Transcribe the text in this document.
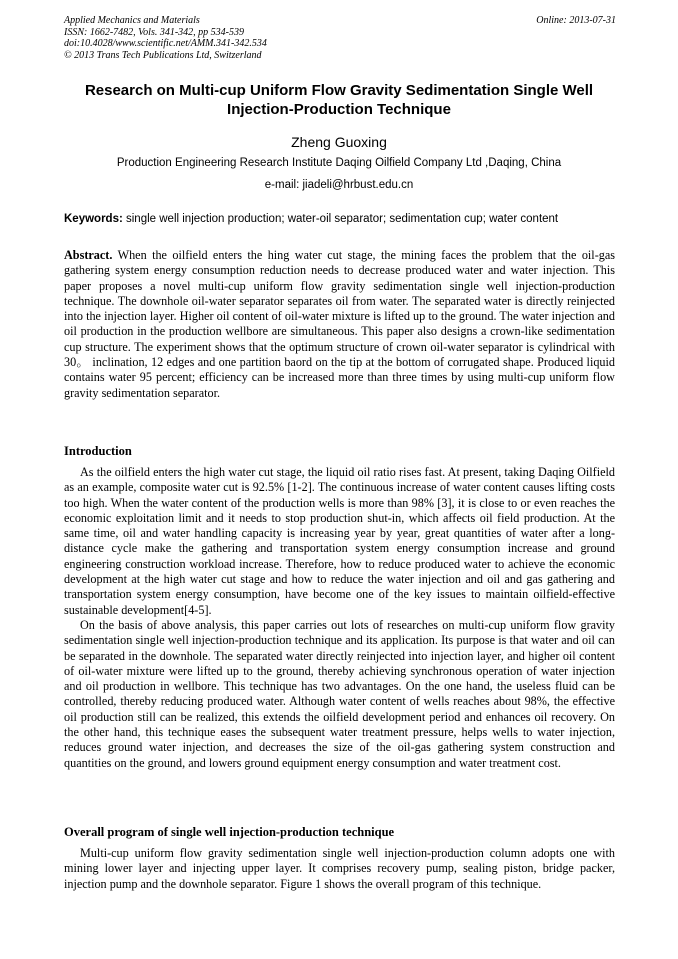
Applied Mechanics and Materials
ISSN: 1662-7482, Vols. 341-342, pp 534-539
doi:10.4028/www.scientific.net/AMM.341-342.534
© 2013 Trans Tech Publications Ltd, Switzerland
Online: 2013-07-31
Research on Multi-cup Uniform Flow Gravity Sedimentation Single Well
Injection-Production Technique
Zheng Guoxing
Production Engineering Research Institute Daqing Oilfield Company Ltd ,Daqing, China
e-mail: jiadeli@hrbust.edu.cn
Keywords: single well injection production; water-oil separator; sedimentation cup; water content

Abstract. When the oilfield enters the hing water cut stage, the mining faces the problem that the oil-gas gathering system energy consumption reduction needs to decrease produced water and water injection. This paper proposes a novel multi-cup uniform flow gravity sedimentation single well injection-production technique. The downhole oil-water separator separates oil from water. The separated water is directly reinjected into the injection layer. Higher oil content of oil-water mixture is lifted up to the ground. The water injection and oil production in the production wellbore are simultaneous. This paper also designs a crown-like sedimentation cup structure. The experiment shows that the optimum structure of crown oil-water separator is cylindrical with 30。 inclination, 12 edges and one partition baord on the tip at the bottom of corrugated shape. Produced liquid contains water 95 percent; efficiency can be increased more than three times by using multi-cup uniform flow gravity sedimentation separator.

Introduction

As the oilfield enters the high water cut stage, the liquid oil ratio rises fast. At present, taking Daqing Oilfield as an example, composite water cut is 92.5% [1-2]. The continuous increase of water content causes lifting costs too high. When the water content of the production wells is more than 98% [3], it is close to or even reaches the economic exploitation limit and it needs to stop production shut-in, which affects oil field production. At the same time, oil and water handling capacity is increasing year by year, great quantities of water after a long-distance cycle make the gathering and transportation system energy consumption increase and ground engineering construction workload increase. Therefore, how to reduce produced water to achieve the economic development at the high water cut stage and how to reduce the water injection and oil and gas gathering and transportation system energy consumption, have become one of the key issues to maintain oilfield-effective sustainable development[4-5].

On the basis of above analysis, this paper carries out lots of researches on multi-cup uniform flow gravity sedimentation single well injection-production technique and its application. Its purpose is that water and oil can be separated in the downhole. The separated water directly reinjected into injection layer, and higher oil content of oil-water mixture were lifted up to the ground, thereby achieving synchronous operation of water injection and oil production in wellbore. This technique has two advantages. On the one hand, the useless fluid can be controlled, thereby reducing produced water. Although water content of wells reaches about 98%, the effective oil production still can be realized, this extends the oilfield development period and enhances oil recovery. On the other hand, this technique eases the subsequent water treatment pressure, helps wells to water injection, reduces ground water injection, and decreases the size of the oil-gas gathering system construction and quantities on the ground, and lowers ground equipment energy consumption and water treatment cost.

Overall program of single well injection-production technique

Multi-cup uniform flow gravity sedimentation single well injection-production column adopts one with mining lower layer and injecting upper layer. It comprises recovery pump, sealing piston, bridge packer, injection pump and the downhole separator. Figure 1 shows the overall program of this technique.
